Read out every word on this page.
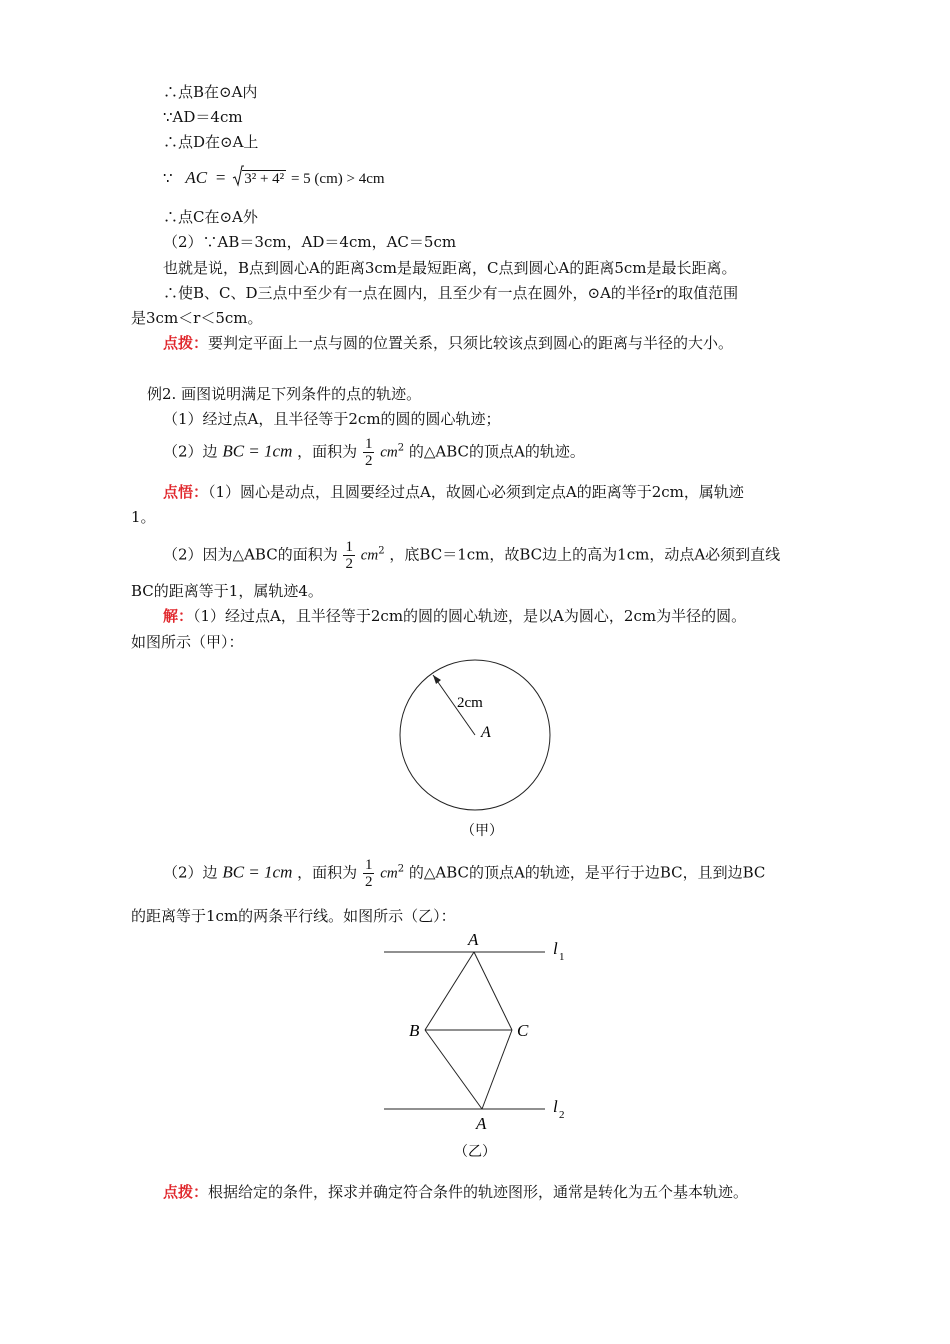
∴点B在⊙A内
∵AD＝4cm
∴点D在⊙A上
∵ AC = 3² + 4² = 5 (cm) > 4cm
∴点C在⊙A外
（2）∵AB＝3cm，AD＝4cm，AC＝5cm
也就是说，B点到圆心A的距离3cm是最短距离，C点到圆心A的距离5cm是最长距离。
∴使B、C、D三点中至少有一点在圆内，且至少有一点在圆外，⊙A的半径r的取值范围
是3cm＜r＜5cm。
点拨：要判定平面上一点与圆的位置关系，只须比较该点到圆心的距离与半径的大小。
例2. 画图说明满足下列条件的点的轨迹。
（1）经过点A，且半径等于2cm的圆的圆心轨迹；
（2）边 BC = 1cm ，面积为 $\frac{1}{2} cm^2$ 的△ABC的顶点A的轨迹。
点悟：（1）圆心是动点，且圆要经过点A，故圆心必须到定点A的距离等于2cm，属轨迹
1。
（2）因为△ABC的面积为 $\frac{1}{2} cm^2$ ，底BC＝1cm，故BC边上的高为1cm，动点A必须到直线
BC的距离等于1，属轨迹4。
解：（1）经过点A，且半径等于2cm的圆的圆心轨迹，是以A为圆心，2cm为半径的圆。
如图所示（甲）：
2cm
A
（甲）
（2）边 BC = 1cm ，面积为 $\frac{1}{2} cm^2$ 的△ABC的顶点A的轨迹，是平行于边BC，且到边BC
的距离等于1cm的两条平行线。如图所示（乙）：
A
A
B	C
l 1
l 2
（乙）
点拨：根据给定的条件，探求并确定符合条件的轨迹图形，通常是转化为五个基本轨迹。
